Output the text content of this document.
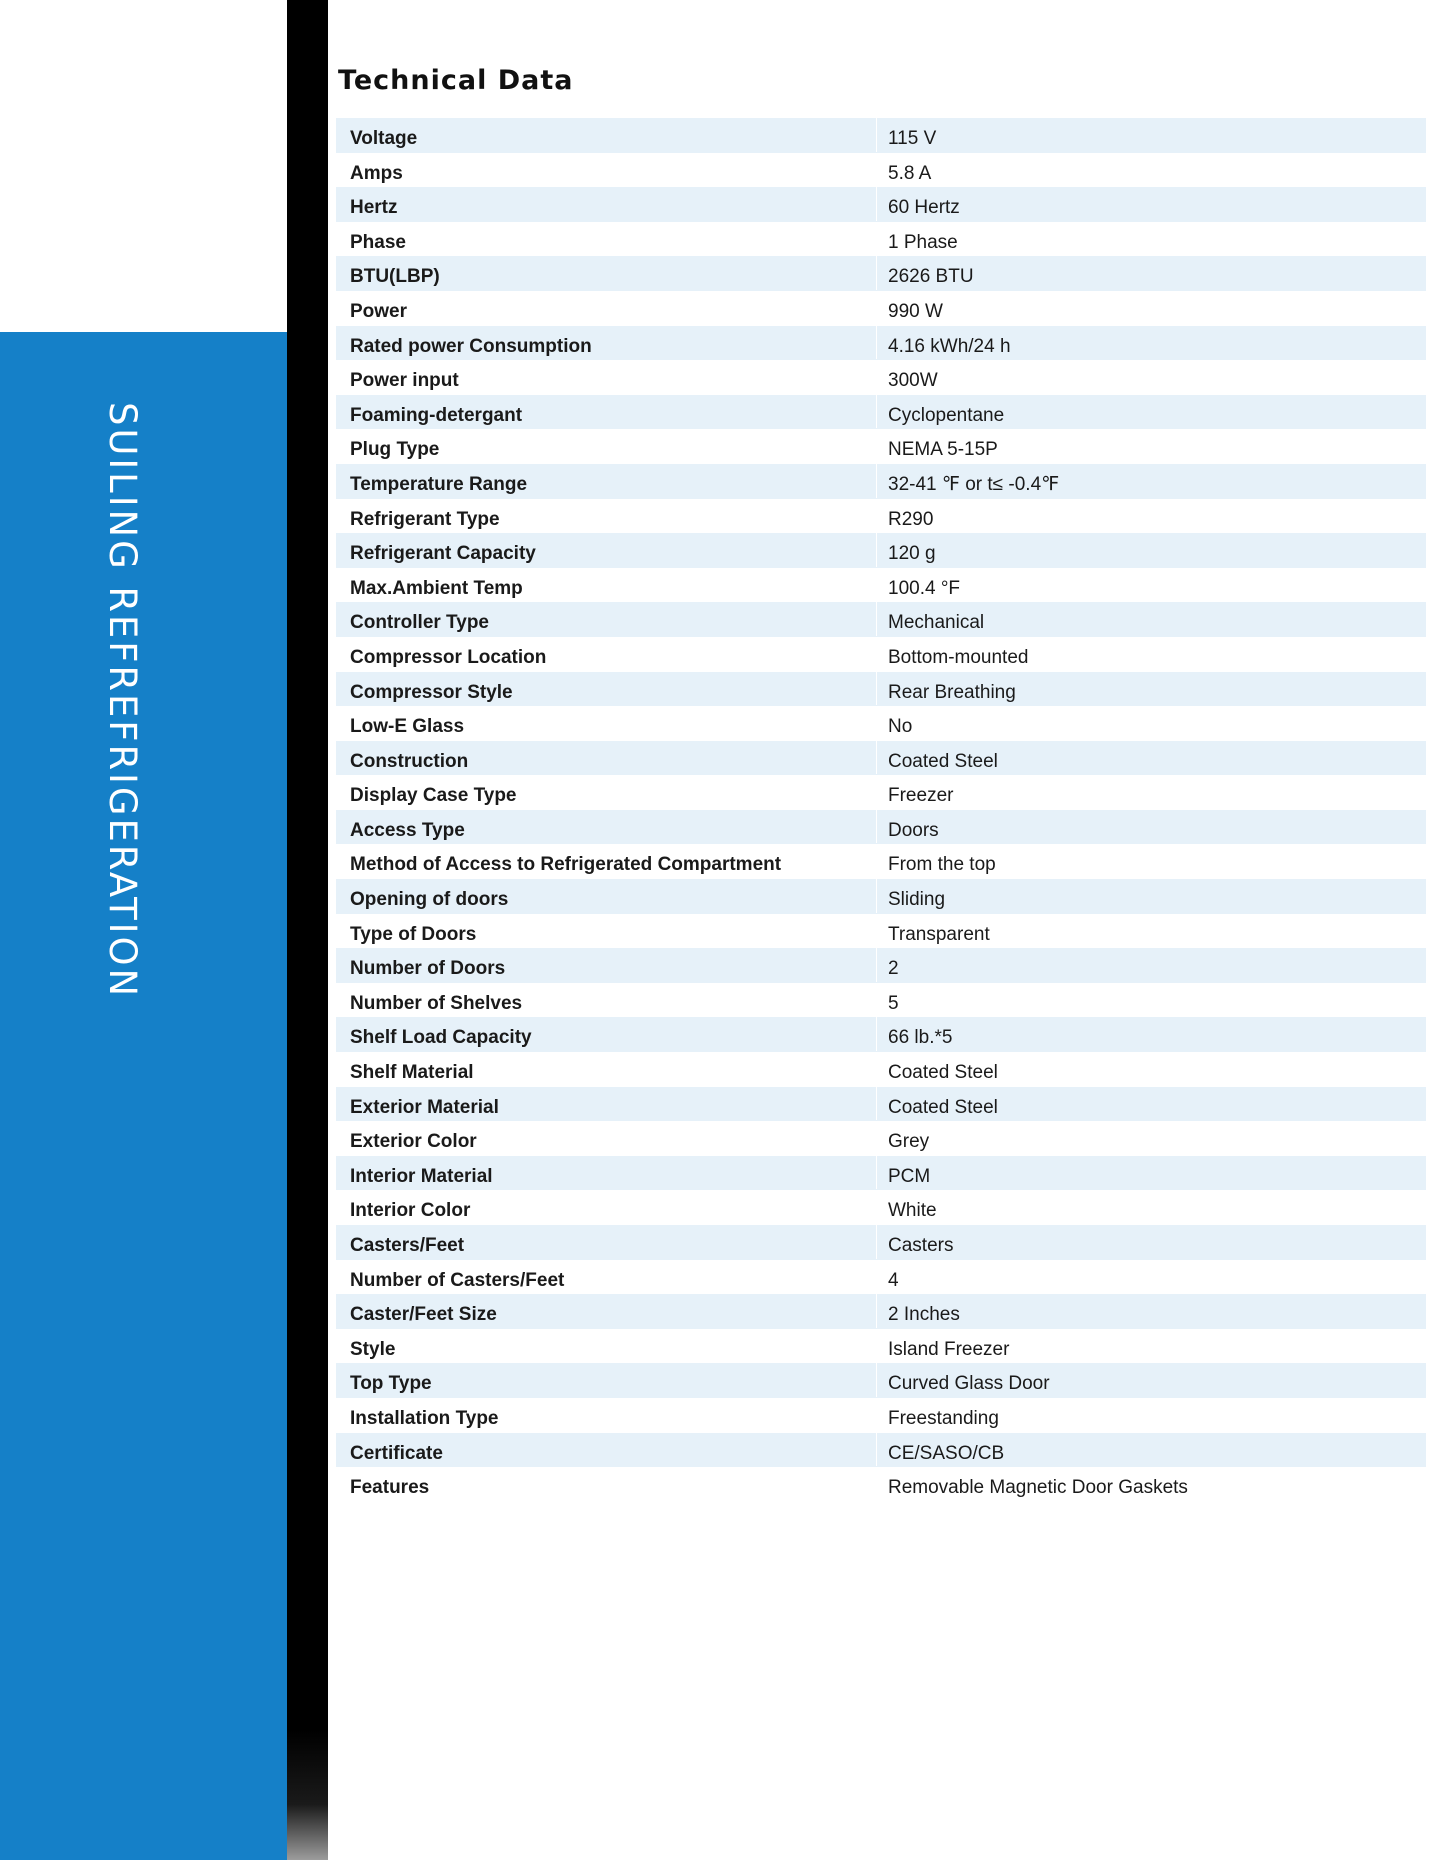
SUILING REFREFRIGERATION
Technical Data
Voltage	115 V
Amps	5.8 A
Hertz	60 Hertz
Phase	1 Phase
BTU(LBP)	2626 BTU
Power	990 W
Rated power Consumption	4.16 kWh/24 h
Power input	300W
Foaming-detergant	Cyclopentane
Plug Type	NEMA 5-15P
Temperature Range	32-41 ℉ or t≤ -0.4℉
Refrigerant Type	R290
Refrigerant Capacity	120 g
Max.Ambient Temp	100.4 °F
Controller Type	Mechanical
Compressor Location	Bottom-mounted
Compressor Style	Rear Breathing
Low-E Glass	No
Construction	Coated Steel
Display Case Type	Freezer
Access Type	Doors
Method of Access to Refrigerated Compartment	From the top
Opening of doors	Sliding
Type of Doors	Transparent
Number of Doors	2
Number of Shelves	5
Shelf Load Capacity	66 lb.*5
Shelf Material	Coated Steel
Exterior Material	Coated Steel
Exterior Color	Grey
Interior Material	PCM
Interior Color	White
Casters/Feet	Casters
Number of Casters/Feet	4
Caster/Feet Size	2 Inches
Style	Island Freezer
Top Type	Curved Glass Door
Installation Type	Freestanding
Certificate	CE/SASO/CB
Features	Removable Magnetic Door Gaskets
